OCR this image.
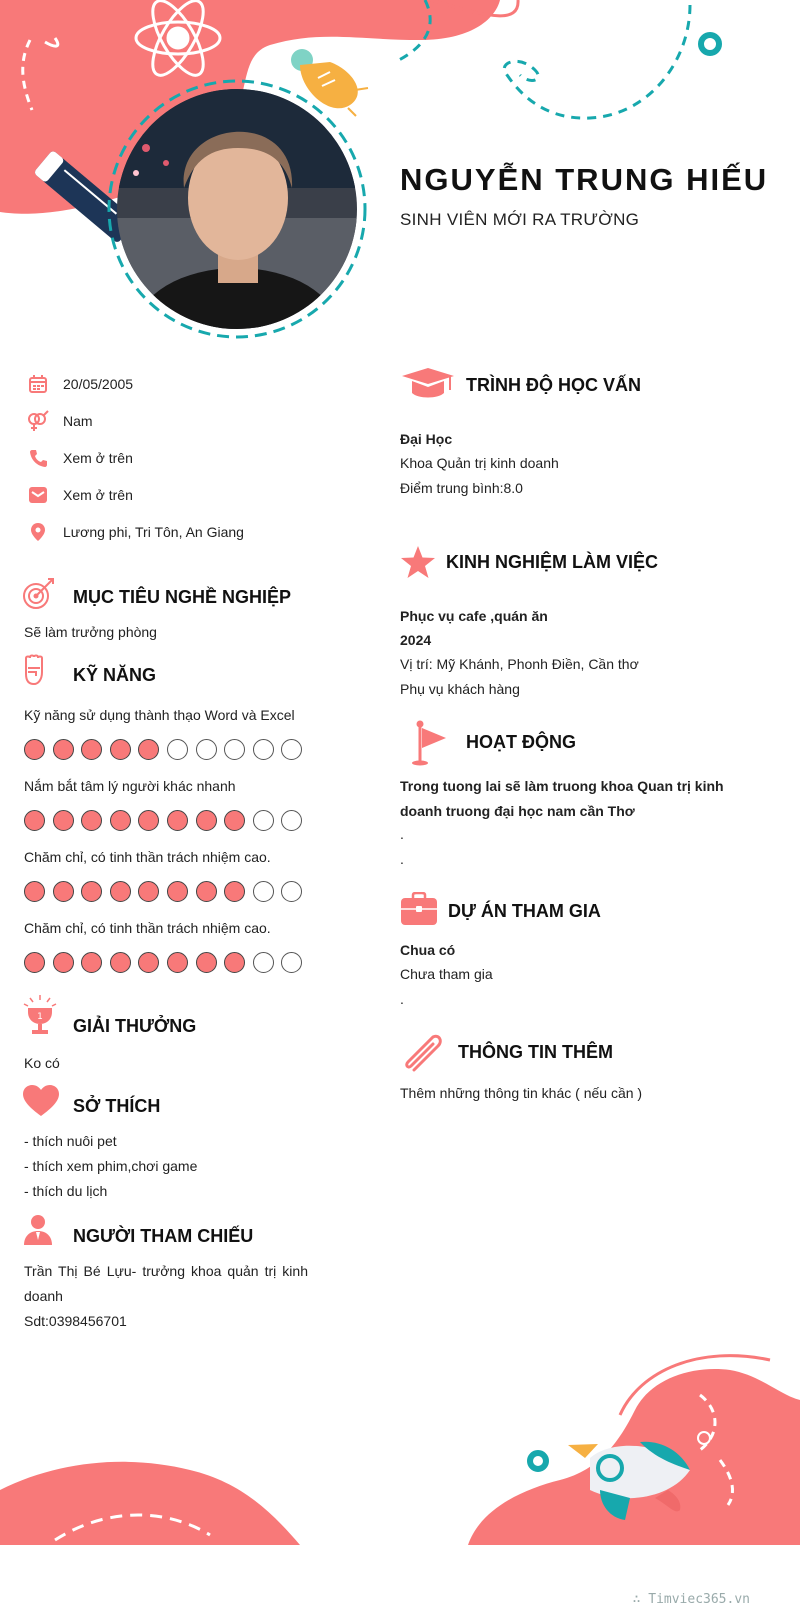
NGUYỄN TRUNG HIẾU
SINH VIÊN MỚI RA TRƯỜNG
20/05/2005
Nam
Xem ở trên
Xem ở trên
Lương phi, Tri Tôn, An Giang
MỤC TIÊU NGHỀ NGHIỆP
Sẽ làm trưởng phòng
KỸ NĂNG
Kỹ năng sử dụng thành thạo Word và Excel
Nắm bắt tâm lý người khác nhanh
Chăm chỉ, có tinh thần trách nhiệm cao.
Chăm chỉ, có tinh thần trách nhiệm cao.
1 GIẢI THƯỞNG
Ko có
SỞ THÍCH
- thích nuôi pet
- thích xem phim,chơi game
- thích du lịch
NGƯỜI THAM CHIẾU
Trần Thị Bé Lựu- trưởng khoa quản trị kinh doanh
Sdt:0398456701
TRÌNH ĐỘ HỌC VẤN
Đại Học
Khoa Quản trị kinh doanh
Điểm trung bình:8.0
KINH NGHIỆM LÀM VIỆC
Phục vụ cafe ,quán ăn
2024
Vị trí: Mỹ Khánh, Phonh Điền, Cần thơ
Phụ vụ khách hàng
HOẠT ĐỘNG
Trong tuong lai sẽ làm truong khoa Quan trị kinh doanh truong đại học nam cần Thơ
.
.
DỰ ÁN THAM GIA
Chua có
Chưa tham gia
.
THÔNG TIN THÊM
Thêm những thông tin khác ( nếu cần )
∴ Timviec365.vn
